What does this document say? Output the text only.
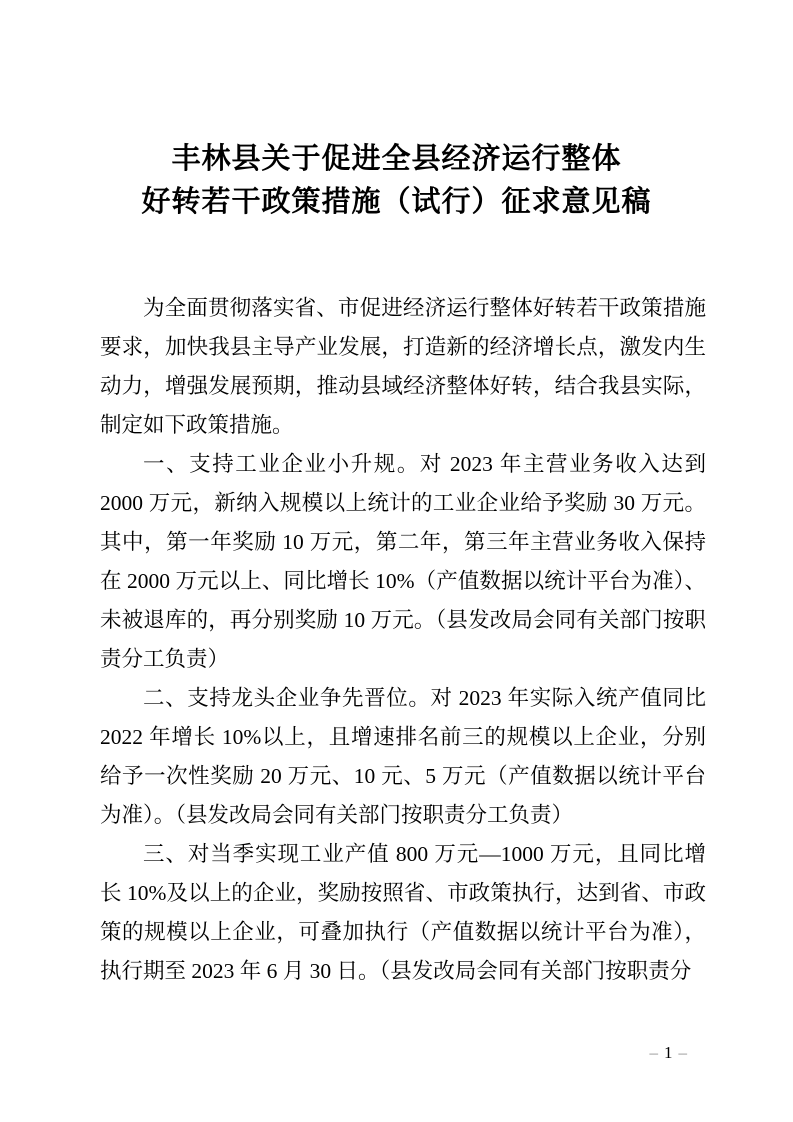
丰林县关于促进全县经济运行整体
好转若干政策措施（试行）征求意见稿

为全面贯彻落实省、市促进经济运行整体好转若干政策措施要求，加快我县主导产业发展，打造新的经济增长点，激发内生动力，增强发展预期，推动县域经济整体好转，结合我县实际，制定如下政策措施。

一、支持工业企业小升规。对 2023 年主营业务收入达到 2000 万元，新纳入规模以上统计的工业企业给予奖励 30 万元。其中，第一年奖励 10 万元，第二年，第三年主营业务收入保持在 2000 万元以上、同比增长 10%（产值数据以统计平台为准）、未被退库的，再分别奖励 10 万元。（县发改局会同有关部门按职责分工负责）

二、支持龙头企业争先晋位。对 2023 年实际入统产值同比 2022 年增长 10%以上，且增速排名前三的规模以上企业，分别给予一次性奖励 20 万元、10 元、5 万元（产值数据以统计平台为准）。（县发改局会同有关部门按职责分工负责）

三、对当季实现工业产值 800 万元—1000 万元，且同比增长 10%及以上的企业，奖励按照省、市政策执行，达到省、市政策的规模以上企业，可叠加执行（产值数据以统计平台为准），执行期至 2023 年 6 月 30 日。（县发改局会同有关部门按职责分

– 1 –
